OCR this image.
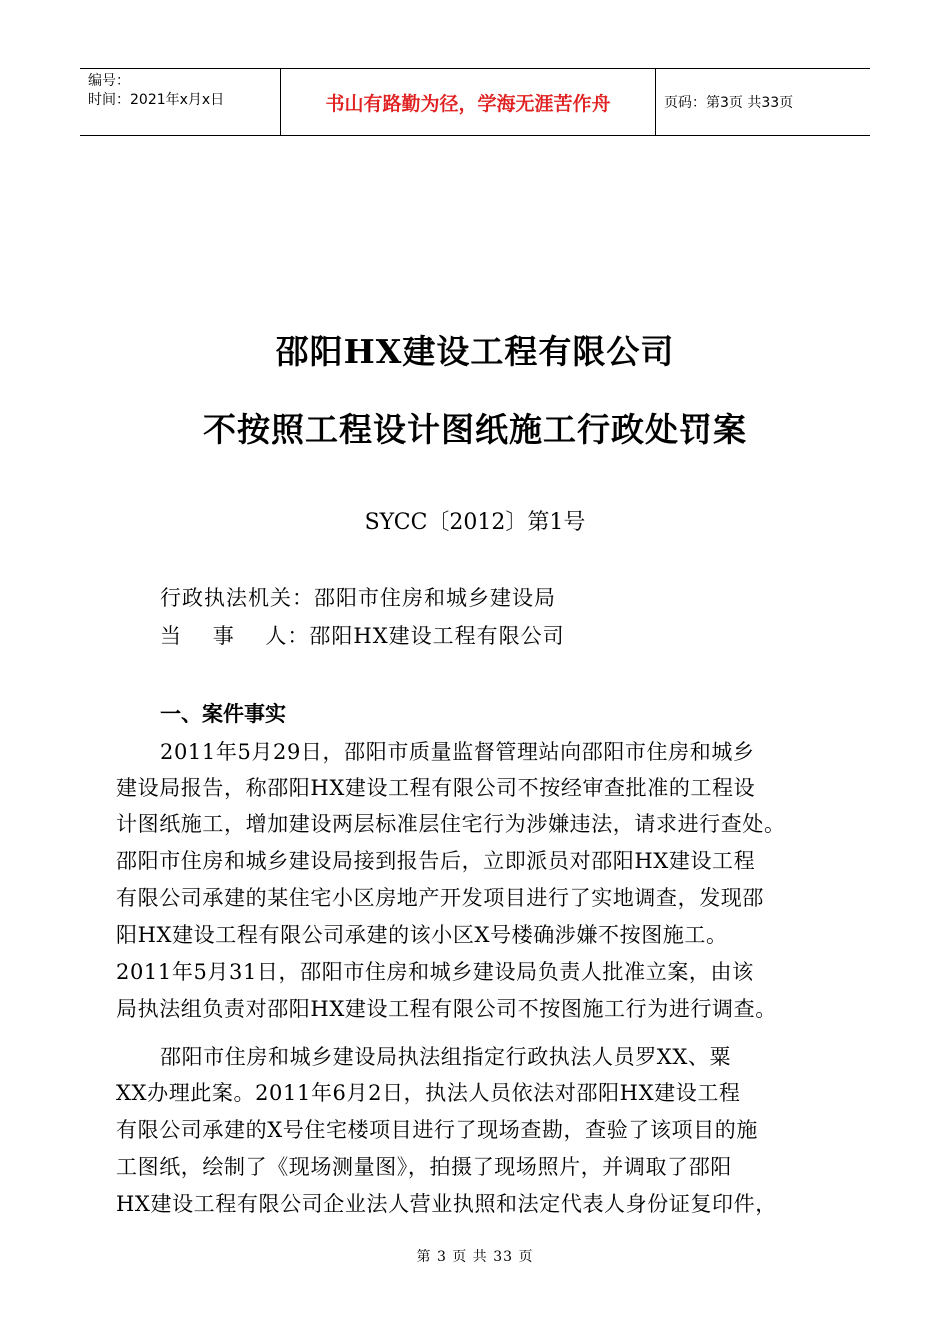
编号：
时间：2021年x月x日	书山有路勤为径，学海无涯苦作舟	页码：第3页 共33页
邵阳HX建设工程有限公司
不按照工程设计图纸施工行政处罚案
SYCC〔2012〕第1号
行政执法机关：邵阳市住房和城乡建设局
当    事    人：邵阳HX建设工程有限公司
一、案件事实
2011年5月29日，邵阳市质量监督管理站向邵阳市住房和城乡
建设局报告，称邵阳HX建设工程有限公司不按经审查批准的工程设
计图纸施工，增加建设两层标准层住宅行为涉嫌违法，请求进行查处。
邵阳市住房和城乡建设局接到报告后，立即派员对邵阳HX建设工程
有限公司承建的某住宅小区房地产开发项目进行了实地调查，发现邵
阳HX建设工程有限公司承建的该小区X号楼确涉嫌不按图施工。
2011年5月31日，邵阳市住房和城乡建设局负责人批准立案，由该
局执法组负责对邵阳HX建设工程有限公司不按图施工行为进行调查。
邵阳市住房和城乡建设局执法组指定行政执法人员罗XX、粟
XX办理此案。2011年6月2日，执法人员依法对邵阳HX建设工程
有限公司承建的X号住宅楼项目进行了现场查勘，查验了该项目的施
工图纸，绘制了《现场测量图》，拍摄了现场照片，并调取了邵阳
HX建设工程有限公司企业法人营业执照和法定代表人身份证复印件，
第 3 页 共 33 页
